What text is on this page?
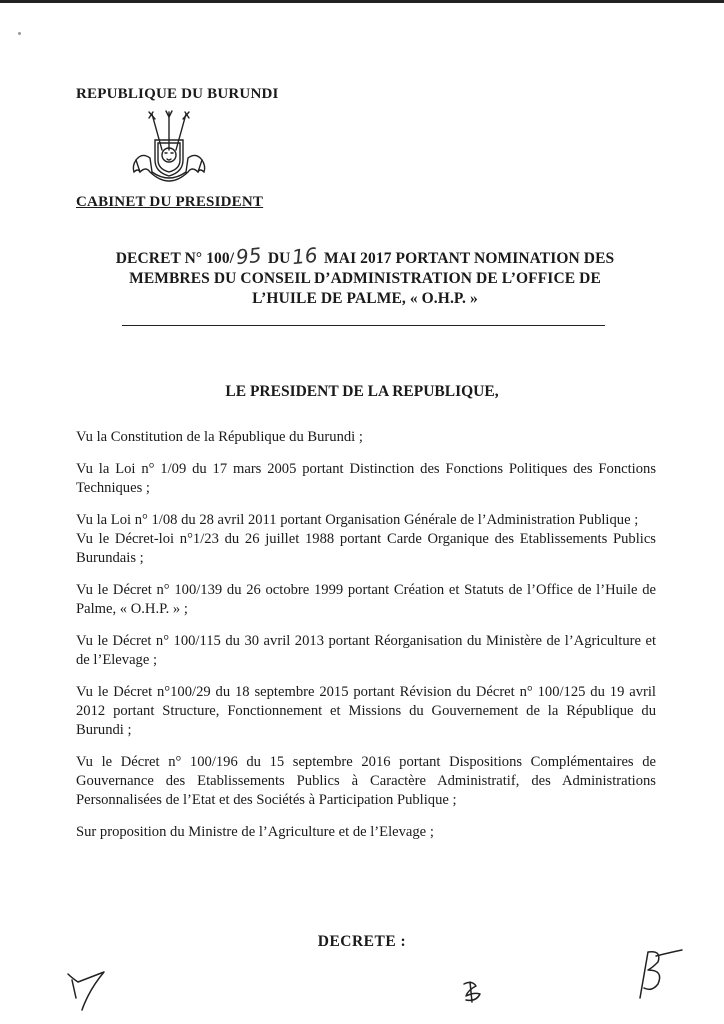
REPUBLIQUE DU BURUNDI
CABINET DU PRESIDENT
DECRET N° 100/95 DU16 MAI 2017 PORTANT NOMINATION DES
MEMBRES DU CONSEIL D’ADMINISTRATION DE L’OFFICE DE
L’HUILE DE PALME, « O.H.P. »
LE PRESIDENT DE LA REPUBLIQUE,

Vu la Constitution de la République du Burundi ;

Vu la Loi n° 1/09 du 17 mars 2005 portant Distinction des Fonctions Politiques des Fonctions Techniques ;

Vu la Loi n° 1/08 du 28 avril 2011 portant Organisation Générale de l’Administration Publique ;

Vu le Décret-loi n°1/23 du 26 juillet 1988 portant Carde Organique des Etablissements Publics Burundais ;

Vu le Décret n° 100/139 du 26 octobre 1999 portant Création et Statuts de l’Office de l’Huile de Palme, « O.H.P. » ;

Vu le Décret n° 100/115 du 30 avril 2013 portant Réorganisation du Ministère de l’Agriculture et de l’Elevage ;

Vu le Décret n°100/29 du 18 septembre 2015 portant Révision du Décret n° 100/125 du 19 avril 2012 portant Structure, Fonctionnement et Missions du Gouvernement de la République du Burundi ;

Vu le Décret n° 100/196 du 15 septembre 2016 portant Dispositions Complémentaires de Gouvernance des Etablissements Publics à Caractère Administratif, des Administrations Personnalisées de l’Etat et des Sociétés à Participation Publique ;

Sur proposition du Ministre de l’Agriculture et de l’Elevage ;

DECRETE :
